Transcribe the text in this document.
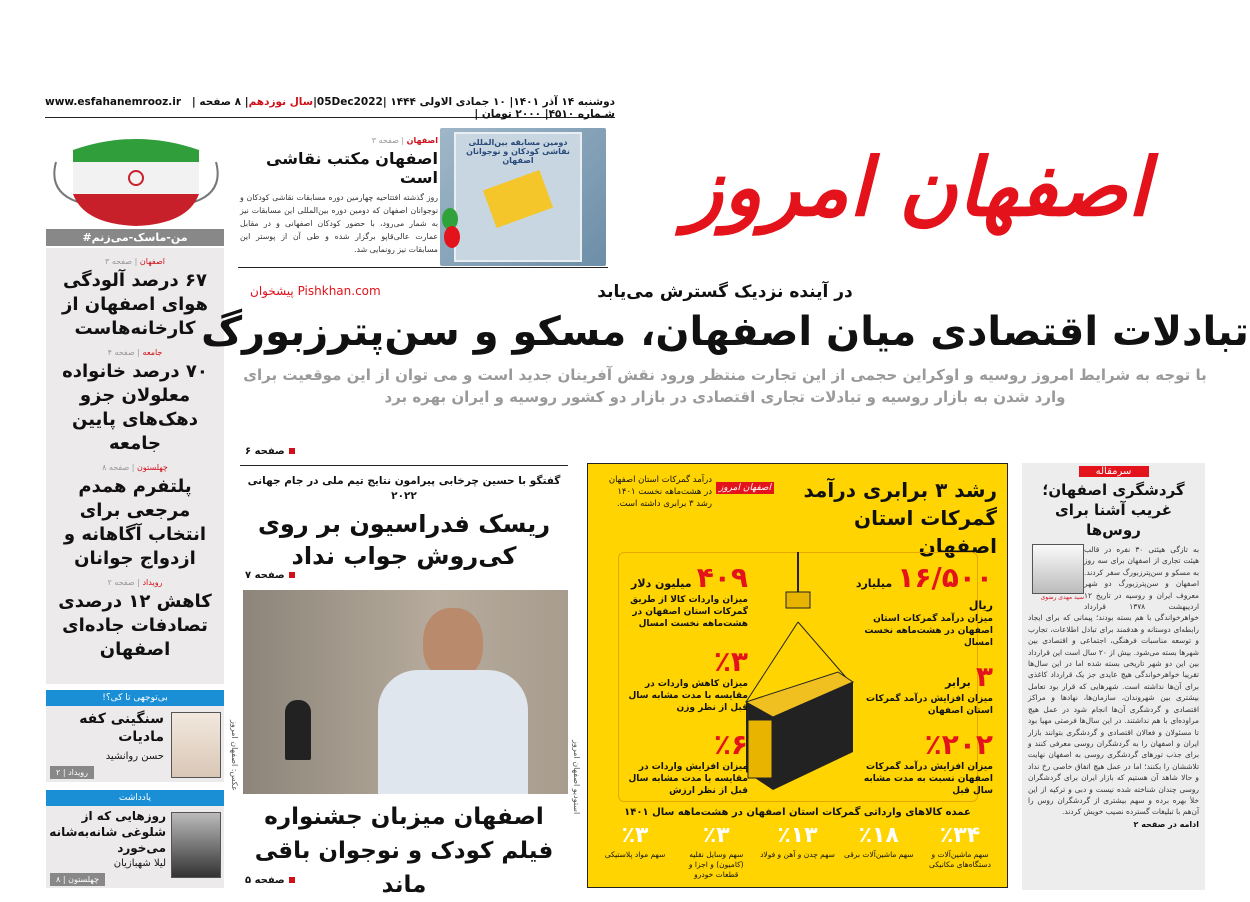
دوشنبه ۱۴ آذر ۱۴۰۱| ۱۰ جمادی الاولی ۱۴۴۴ |05Dec2022|سال نوزدهم| ۸ صفحه |شـماره ۴۵۱۰| ۲۰۰۰ تومان |
www.esfahanemrooz.ir
اصفهان امروز
#من-ماسک-می‌زنم
اصفهان | صفحه ۳
۶۷ درصد آلودگی هوای اصفهان از کارخانه‌هاست
جامعه | صفحه ۴
۷۰ درصد خانواده معلولان جزو دهک‌های پایین جامعه
چهلستون | صفحه ۸
پلتفرم همدم مرجعی برای انتخاب آگاهانه و ازدواج جوانان
رویداد | صفحه ۲
کاهش ۱۲ درصدی تصادفات جاده‌ای اصفهان
بی‌توجهی تا کی؟!
سنگینی کفه مادیات
حسن روانشید
رویداد | ۲
یادداشت
روزهایی که از شلوغی شانه‌به‌شانه می‌خورد
لیلا شهبازیان
چهلستون | ۸
اصفهان | صفحه ۳
اصفهان مکتب نقاشی است
روز گذشته افتتاحیه چهارمین دوره مسابقات نقاشی کودکان و نوجوانان اصفهان که دومین دوره بین‌المللی این مسابقات نیز به شمار می‌رود، با حضور کودکان اصفهانی و در مقابل عمارت عالی‌قاپو برگزار شده و طی آن از پوستر این مسابقات نیز رونمایی شد.
دومین مسابقه بین‌المللی نقاشی کودکان و نوجوانان اصفهان
پیشخوان Pishkhan.com	در آینده نزدیک گسترش می‌یابد
تبادلات اقتصادی میان اصفهان، مسکو و سن‌پترزبورگ
با توجه به شرایط امروز روسیه و اوکراین حجمی از این تجارت منتظر ورود نقش آفرینان جدید است و می توان از این موقعیت برای وارد شدن به بازار روسیه و تبادلات تجاری اقتصادی در بازار دو کشور روسیه و ایران بهره برد
صفحه ۶
گفتگو با حسین چرخابی پیرامون نتایج تیم ملی در جام جهانی ۲۰۲۲
ریسک فدراسیون بر روی کی‌روش جواب نداد
صفحه ۷
عکس: اصفهان امروز	استودیو اصفهان امروز
اصفهان میزبان جشنواره فیلم کودک و نوجوان باقی ماند
صفحه ۵
رشد ۳ برابری درآمد گمرکات استان اصفهان
اصفهان امروز
درآمد گمرکات استان اصفهان در هشت‌ماهه نخست ۱۴۰۱ رشد ۳ برابری داشته است.
۱۶/۵۰۰ میلیارد ریال
میزان درآمد گمرکات استان اصفهان در هشت‌ماهه نخست امسال
۳ برابر
میزان افزایش درآمد گمرکات استان اصفهان
٪۲۰۲
میزان افزایش درآمد گمرکات اصفهان نسبت به مدت مشابه سال قبل
۴۰۹ میلیون دلار
میزان واردات کالا از طریق گمرکات استان اصفهان در هشت‌ماهه نخست امسال
٪۳
میزان کاهش واردات در مقایسه با مدت مشابه سال قبل از نظر وزن
٪۶
میزان افزایش واردات در مقایسه با مدت مشابه سال قبل از نظر ارزش
عمده کالاهای وارداتی گمرکات استان اصفهان در هشت‌ماهه سال ۱۴۰۱
٪۳۴
سهم ماشین‌آلات و دستگاه‌های مکانیکی
٪۱۸
سهم ماشین‌آلات برقی
٪۱۳
سهم چدن و آهن و فولاد
٪۳
سهم وسایل نقلیه (کامیون) و اجزا و قطعات خودرو
٪۳
سهم مواد پلاستیکی
سرمقاله
گردشگری اصفهان؛ غریب آشنا برای روس‌ها
سید مهدی رضوی
به تازگی هیئتی ۳۰ نفره در قالب هیئت تجاری از اصفهان برای سه روز به مسکو و سن‌پترزبورگ سفر کردند. اصفهان و سن‌پترزبورگ دو شهر معروف ایران و روسیه در تاریخ ۱۲ اردیبهشت ۱۳۷۸ قرارداد خواهرخواندگی با هم بسته بودند؛ پیمانی که برای ایجاد رابطه‌ای دوستانه و هدفمند برای تبادل اطلاعات، تجارب و توسعه مناسبات فرهنگی، اجتماعی و اقتصادی بین شهرها بسته می‌شود. بیش از ۲۰ سال است این قرارداد بین این دو شهر تاریخی بسته شده اما در این سال‌ها تقریبا خواهرخواندگی هیچ عایدی جز یک قرارداد کاغذی برای آن‌ها نداشته است. شهرهایی که قرار بود تعامل بیشتری بین شهروندان، سازمان‌ها، نهادها و مراکز اقتصادی و گردشگری آن‌ها انجام شود در عمل هیچ مراوده‌ای با هم نداشتند. در این سال‌ها فرصتی مهیا بود تا مسئولان و فعالان اقتصادی و گردشگری بتوانند بازار ایران و اصفهان را به گردشگران روسی معرفی کنند و برای جذب تورهای گردشگری روسی به اصفهان نهایت تلاششان را بکنند؛ اما در عمل هیچ اتفاق خاصی رخ نداد و حالا شاهد آن هستیم که بازار ایران برای گردشگران روسی چندان شناخته شده نیست و دبی و ترکیه از این خلأ بهره برده و سهم بیشتری از گردشگران روس را آن‌هم با تبلیغات گسترده نصیب خویش کردند.
ادامه در صفحه ۲
